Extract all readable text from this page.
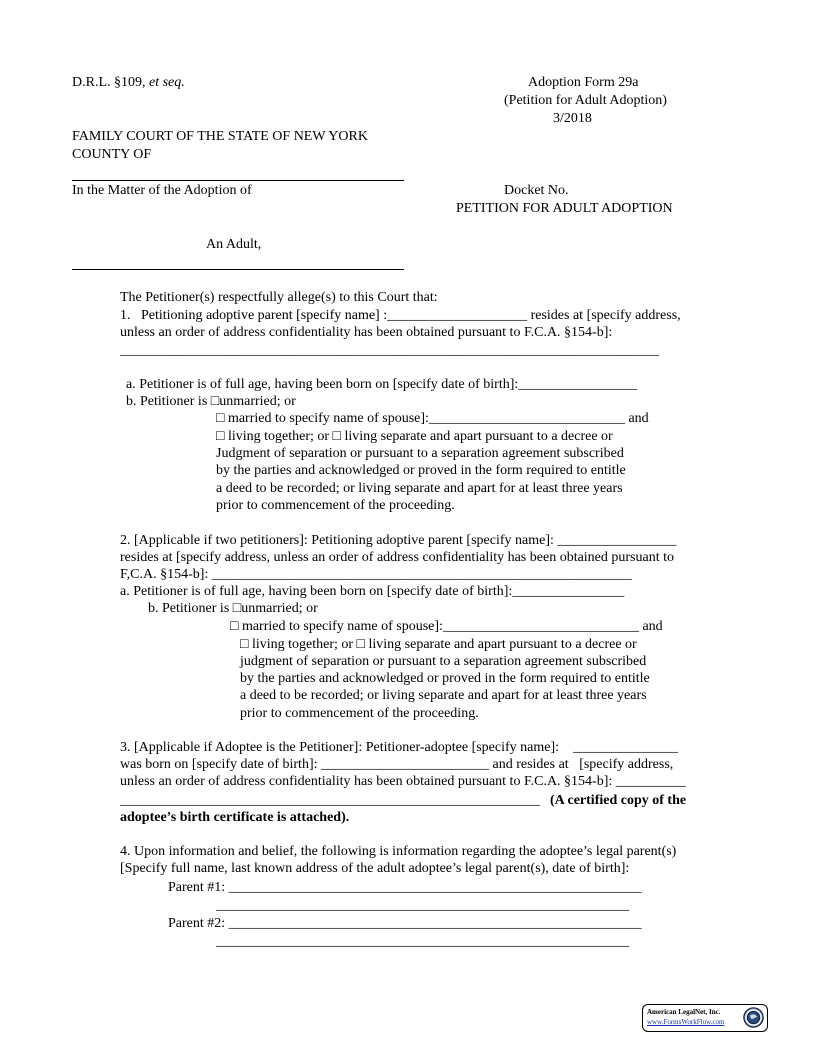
D.R.L. §109, et seq.	Adoption Form 29a
(Petition for Adult Adoption)
3/2018
FAMILY COURT OF THE STATE OF NEW YORK
COUNTY OF
In the Matter of the Adoption of	Docket No.
PETITION FOR ADULT ADOPTION
An Adult,
The Petitioner(s) respectfully allege(s) to this Court that:
1.   Petitioning adoptive parent [specify name] :____________________ resides at [specify address,
unless an order of address confidentiality has been obtained pursuant to F.C.A. §154-b]:
_____________________________________________________________________________
a. Petitioner is of full age, having been born on [specify date of birth]:_________________
b. Petitioner is □unmarried; or
□ married to specify name of spouse]:____________________________ and
□ living together; or □ living separate and apart pursuant to a decree or
Judgment of separation or pursuant to a separation agreement subscribed
by the parties and acknowledged or proved in the form required to entitle
a deed to be recorded; or living separate and apart for at least three years
prior to commencement of the proceeding.
2. [Applicable if two petitioners]: Petitioning adoptive parent [specify name]: _________________
resides at [specify address, unless an order of address confidentiality has been obtained pursuant to
F,C.A. §154-b]: ____________________________________________________________
a. Petitioner is of full age, having been born on [specify date of birth]:________________
b. Petitioner is □unmarried; or
□ married to specify name of spouse]:____________________________ and
□ living together; or □ living separate and apart pursuant to a decree or
judgment of separation or pursuant to a separation agreement subscribed
by the parties and acknowledged or proved in the form required to entitle
a deed to be recorded; or living separate and apart for at least three years
prior to commencement of the proceeding.
3. [Applicable if Adoptee is the Petitioner]: Petitioner-adoptee [specify name]:    _______________
was born on [specify date of birth]: ________________________ and resides at   [specify address,
unless an order of address confidentiality has been obtained pursuant to F.C.A. §154-b]: __________
____________________________________________________________ (A certified copy of the
adoptee’s birth certificate is attached).
4. Upon information and belief, the following is information regarding the adoptee’s legal parent(s)
[Specify full name, last known address of the adult adoptee’s legal parent(s), date of birth]:
Parent #1: ___________________________________________________________
___________________________________________________________
Parent #2: ___________________________________________________________
___________________________________________________________
American LegalNet, Inc.
www.FormsWorkFlow.com
